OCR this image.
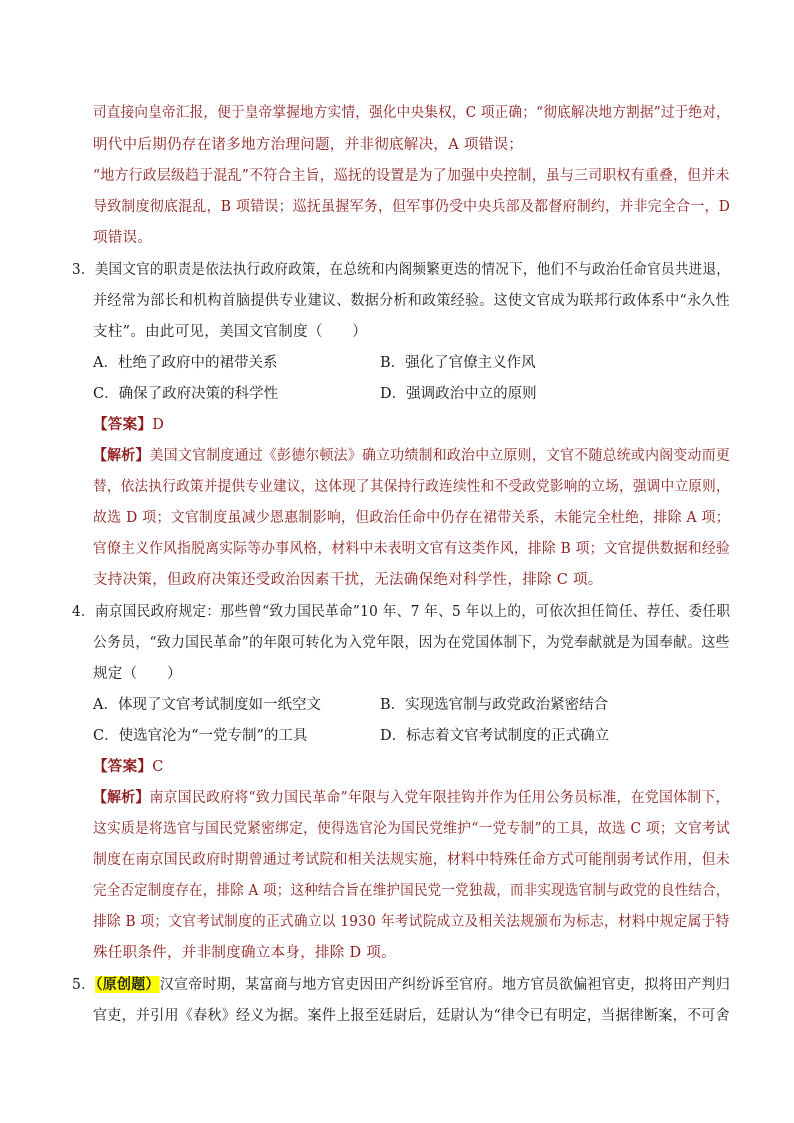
司直接向皇帝汇报，便于皇帝掌握地方实情，强化中央集权，C 项正确；“彻底解决地方割据”过于绝对，
明代中后期仍存在诸多地方治理问题，并非彻底解决，A 项错误；
“地方行政层级趋于混乱”不符合主旨，巡抚的设置是为了加强中央控制，虽与三司职权有重叠，但并未
导致制度彻底混乱，B 项错误；巡抚虽握军务，但军事仍受中央兵部及都督府制约，并非完全合一，D
项错误。
3．美国文官的职责是依法执行政府政策，在总统和内阁频繁更迭的情况下，他们不与政治任命官员共进退，
并经常为部长和机构首脑提供专业建议、数据分析和政策经验。这使文官成为联邦行政体系中“永久性
支柱”。由此可见，美国文官制度（　　）
A．杜绝了政府中的裙带关系	B．强化了官僚主义作风
C．确保了政府决策的科学性	D．强调政治中立的原则
【答案】D
【解析】美国文官制度通过《彭德尔顿法》确立功绩制和政治中立原则，文官不随总统或内阁变动而更
替，依法执行政策并提供专业建议，这体现了其保持行政连续性和不受政党影响的立场，强调中立原则，
故选 D 项；文官制度虽减少恩惠制影响，但政治任命中仍存在裙带关系，未能完全杜绝，排除 A 项；
官僚主义作风指脱离实际等办事风格，材料中未表明文官有这类作风，排除 B 项；文官提供数据和经验
支持决策，但政府决策还受政治因素干扰，无法确保绝对科学性，排除 C 项。
4．南京国民政府规定：那些曾“致力国民革命”10 年、7 年、5 年以上的，可依次担任简任、荐任、委任职
公务员，“致力国民革命”的年限可转化为入党年限，因为在党国体制下，为党奉献就是为国奉献。这些
规定（　　）
A．体现了文官考试制度如一纸空文	B．实现选官制与政党政治紧密结合
C．使选官沦为“一党专制”的工具	D．标志着文官考试制度的正式确立
【答案】C
【解析】南京国民政府将“致力国民革命”年限与入党年限挂钩并作为任用公务员标准，在党国体制下，
这实质是将选官与国民党紧密绑定，使得选官沦为国民党维护“一党专制”的工具，故选 C 项；文官考试
制度在南京国民政府时期曾通过考试院和相关法规实施，材料中特殊任命方式可能削弱考试作用，但未
完全否定制度存在，排除 A 项；这种结合旨在维护国民党一党独裁，而非实现选官制与政党的良性结合，
排除 B 项；文官考试制度的正式确立以 1930 年考试院成立及相关法规颁布为标志，材料中规定属于特
殊任职条件，并非制度确立本身，排除 D 项。
5．（原创题）汉宣帝时期，某富商与地方官吏因田产纠纷诉至官府。地方官员欲偏袒官吏，拟将田产判归
官吏，并引用《春秋》经义为据。案件上报至廷尉后，廷尉认为“律令已有明定，当据律断案，不可舍
